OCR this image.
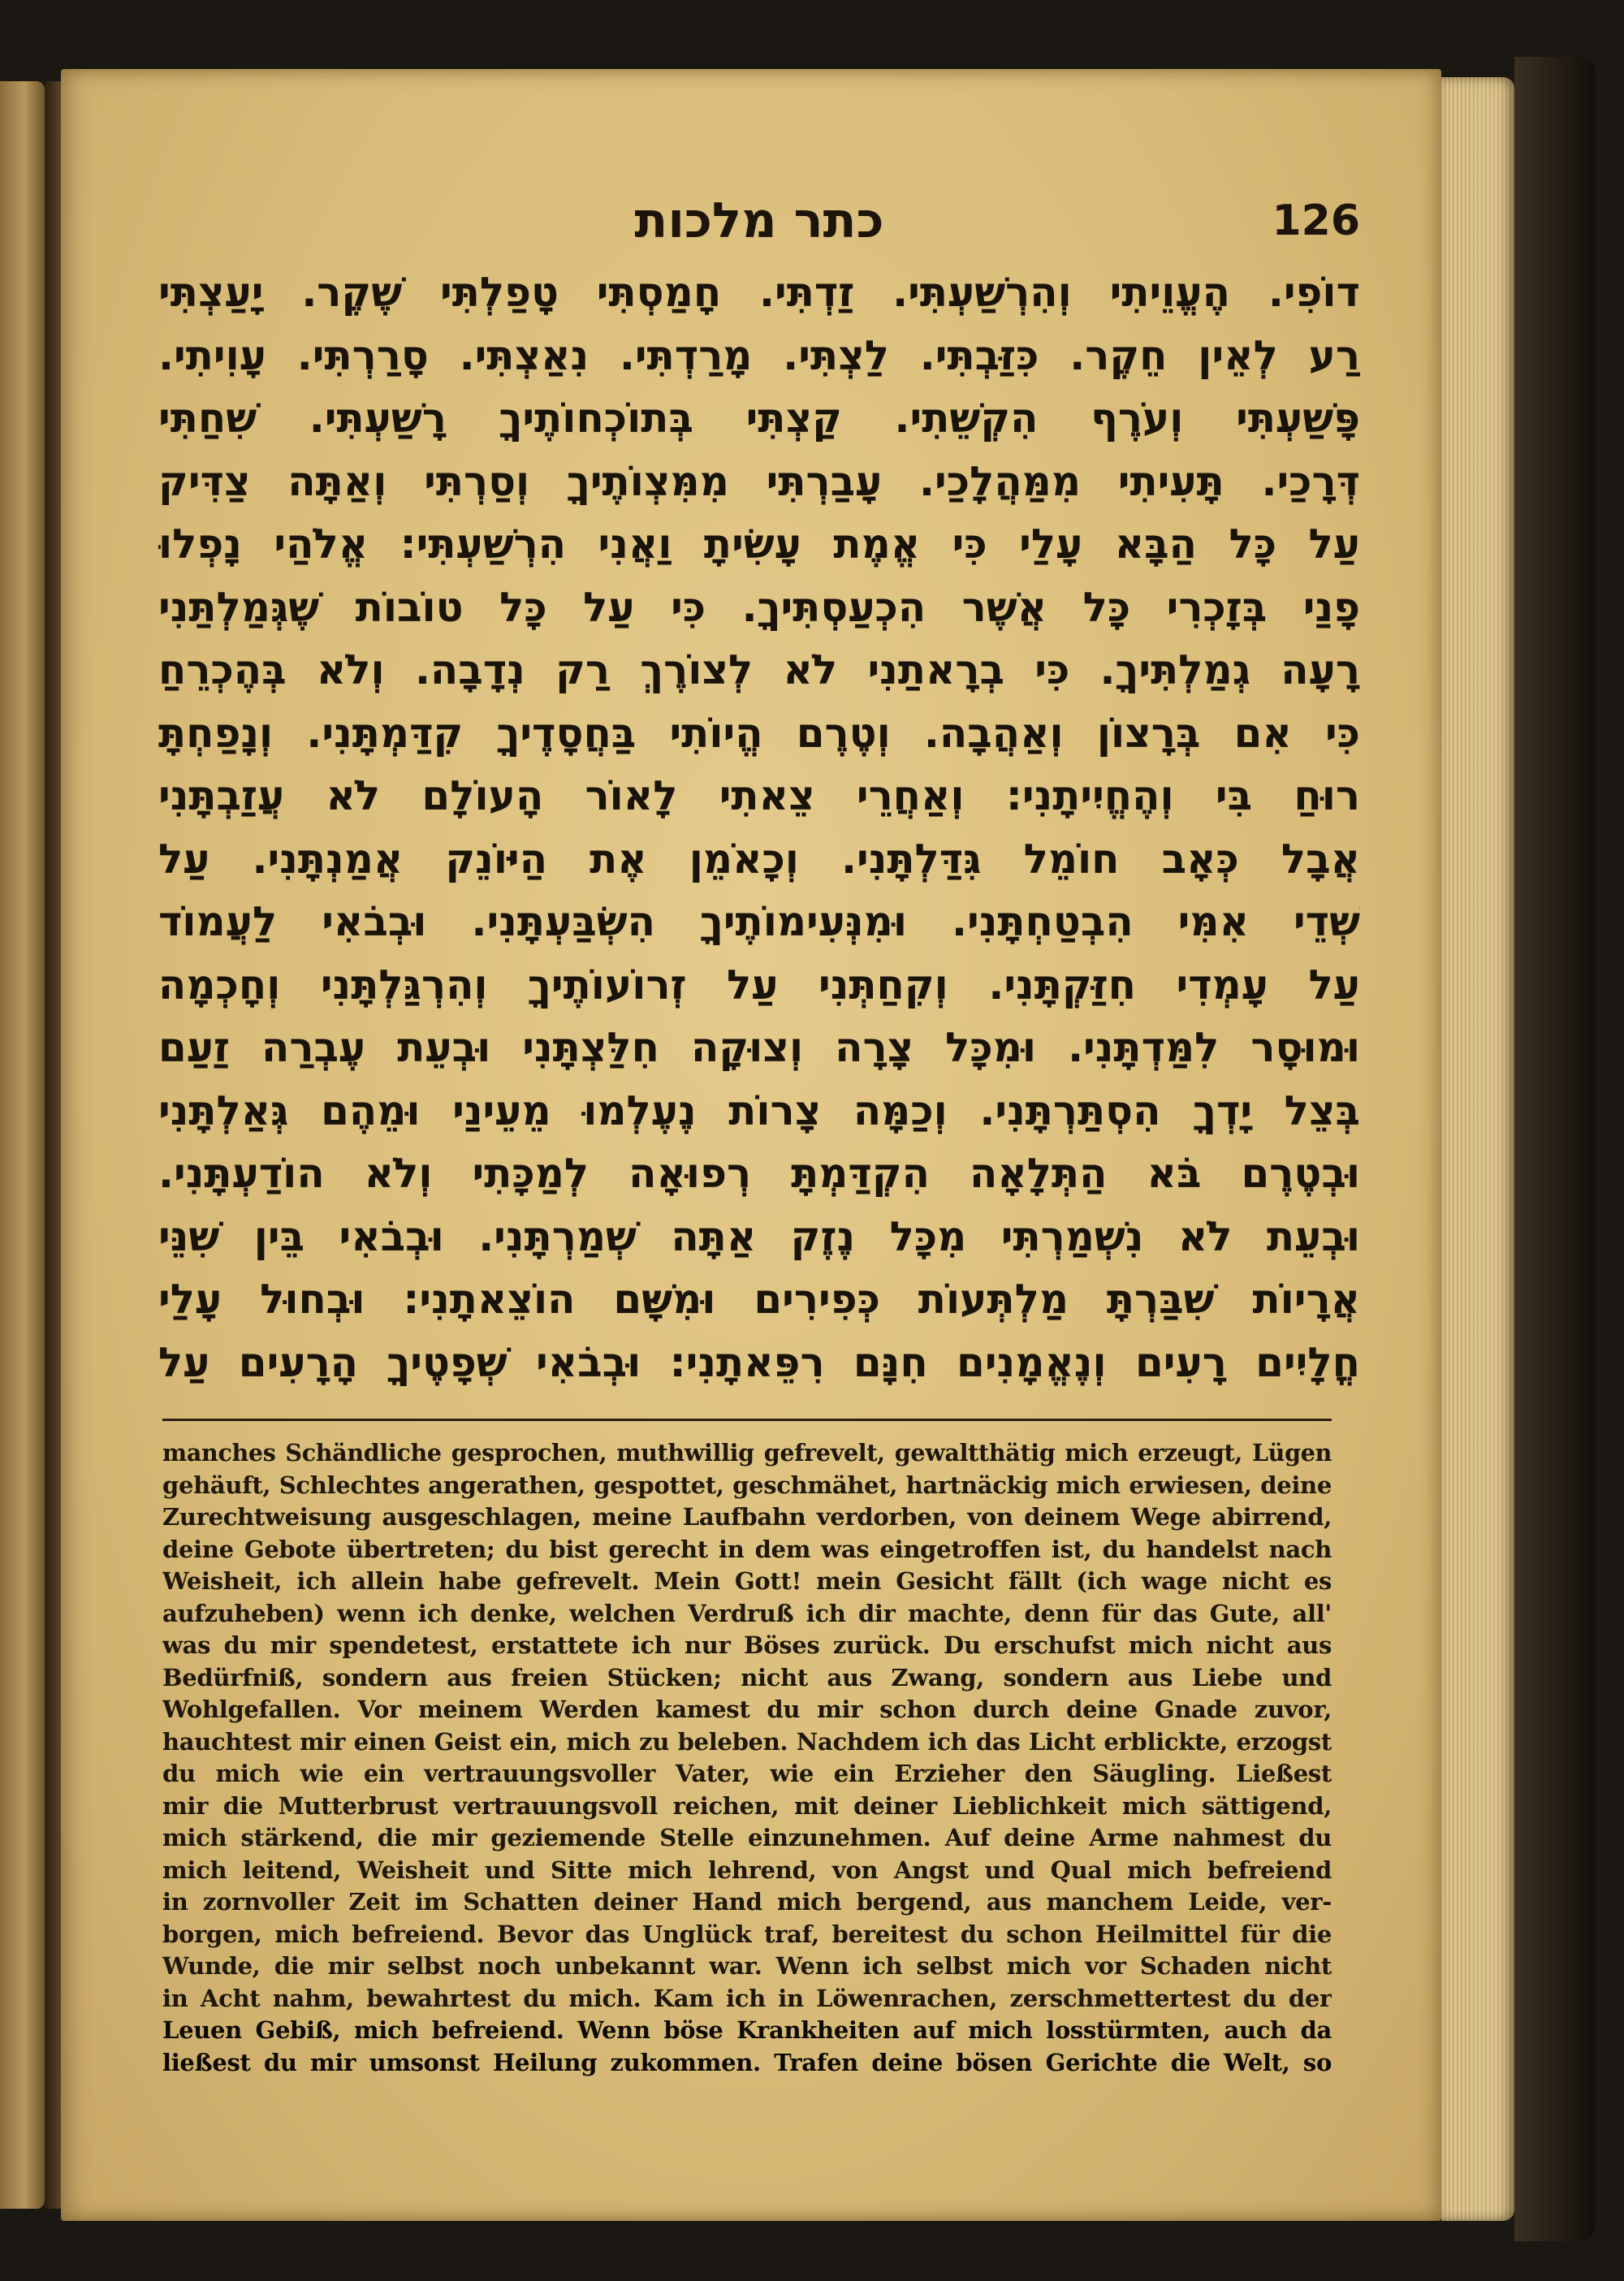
כתר מלכות	126
דוֹפִי. הֶעֱוֵיתִי וְהִרְשַׁעְתִּי. זַדְתִּי. חָמַסְתִּי טָפַלְתִּי שֶׁקֶר. יָעַצְתִּי
רַע לְאֵין חֵקֶר. כִּזַּבְתִּי. לַצְתִּי. מָרַדְתִּי. נִאַצְתִּי. סָרַרְתִּי. עָוִיתִי.
פָּשַׁעְתִּי וְעֹרֶף הִקְשֵׁתִי. קַצְתִּי בְּתוֹכְחוֹתֶיךָ רָשַׁעְתִּי. שִׁחַתִּי
דְּרָכַי. תָּעִיתִי מִמַּהֲלָכַי. עָבַרְתִּי מִמִּצְוֹתֶיךָ וְסַרְתִּי וְאַתָּה צַדִּיק
עַל כָּל הַבָּא עָלַי כִּי אֱמֶת עָשִׂיתָ וַאֲנִי הִרְשַׁעְתִּי: אֱלֹהַי נָפְלוּ
פָנַי בְּזָכְרִי כָּל אֲשֶׁר הִכְעַסְתִּיךָ. כִּי עַל כָּל טוֹבוֹת שֶׁגְּמַלְתַּנִי
רָעָה גְמַלְתִּיךָ. כִּי בְרָאתַנִי לֹא לְצוֹרֶךְ רַק נְדָבָה. וְלֹא בְּהֶכְרֵחַ
כִּי אִם בְּרָצוֹן וְאַהֲבָה. וְטֶרֶם הֱיוֹתִי בַּחֲסָדֶיךָ קִדַּמְתָּנִי. וְנָפַחְתָּ
רוּחַ בִּי וְהֶחֱיִיתָנִי: וְאַחֲרֵי צֵאתִי לָאוֹר הָעוֹלָם לֹא עֲזַבְתָּנִי
אֲבָל כְּאָב חוֹמֵל גִּדַּלְתָּנִי. וְכָאֹמֵן אֶת הַיּוֹנֵק אֲמַנְתָּנִי. עַל
שְׁדֵי אִמִּי הִבְטַחְתָּנִי. וּמִנְּעִימוֹתֶיךָ הִשְׂבַּעְתָּנִי. וּבְבֹאִי לַעֲמוֹד
עַל עָמְדִי חִזַּקְתָּנִי. וְקִחַתְּנִי עַל זְרוֹעוֹתֶיךָ וְהִרְגַּלְתָּנִי וְחָכְמָה
וּמוּסָר לִמַּדְתָּנִי. וּמִכָּל צָרָה וְצוּקָה חִלַּצְתָּנִי וּבְעֵת עֶבְרַה זַעַם
בְּצֵל יָדְךָ הִסְתַּרְתָּנִי. וְכַמָּה צָרוֹת נֶעֶלְמוּ מֵעֵינַי וּמֵהֶם גְּאַלְתָּנִי
וּבְטֶרֶם בֹּא הַתְּלָאָה הִקְדַּמְתָּ רְפוּאָה לְמַכָּתִי וְלֹא הוֹדַעְתָּנִי.
וּבְעֵת לֹא נִשְׁמַרְתִּי מִכָּל נֶזֶק אַתָּה שְׁמַרְתָּנִי. וּבְבֹאִי בֵּין שִׁנֵּי
אֲרָיוֹת שִׁבַּרְתָּ מַלְתְּעוֹת כְּפִירִים וּמִשָּׁם הוֹצֵאתָנִי: וּבְחוּל עָלַי
חֳלָיִים רָעִים וְנֶאֱמָנִים חִנָּם רִפֵּאתָנִי: וּבְבֹאִי שְׁפָטֶיךָ הָרָעִים עַל
manches Schändliche gesprochen, muthwillig gefrevelt, gewaltthätig mich erzeugt, Lügen
gehäuft, Schlechtes angerathen, gespottet, geschmähet, hartnäckig mich erwiesen, deine
Zurechtweisung ausgeschlagen, meine Laufbahn verdorben, von deinem Wege abirrend,
deine Gebote übertreten; du bist gerecht in dem was eingetroffen ist, du handelst nach
Weisheit, ich allein habe gefrevelt. Mein Gott! mein Gesicht fällt (ich wage nicht es
aufzuheben) wenn ich denke, welchen Verdruß ich dir machte, denn für das Gute, all'
was du mir spendetest, erstattete ich nur Böses zurück. Du erschufst mich nicht aus
Bedürfniß, sondern aus freien Stücken; nicht aus Zwang, sondern aus Liebe und
Wohlgefallen. Vor meinem Werden kamest du mir schon durch deine Gnade zuvor,
hauchtest mir einen Geist ein, mich zu beleben. Nachdem ich das Licht erblickte, erzogst
du mich wie ein vertrauungsvoller Vater, wie ein Erzieher den Säugling. Ließest
mir die Mutterbrust vertrauungsvoll reichen, mit deiner Lieblichkeit mich sättigend,
mich stärkend, die mir geziemende Stelle einzunehmen. Auf deine Arme nahmest du
mich leitend, Weisheit und Sitte mich lehrend, von Angst und Qual mich befreiend
in zornvoller Zeit im Schatten deiner Hand mich bergend, aus manchem Leide, ver-
borgen, mich befreiend. Bevor das Unglück traf, bereitest du schon Heilmittel für die
Wunde, die mir selbst noch unbekannt war. Wenn ich selbst mich vor Schaden nicht
in Acht nahm, bewahrtest du mich. Kam ich in Löwenrachen, zerschmettertest du der
Leuen Gebiß, mich befreiend. Wenn böse Krankheiten auf mich losstürmten, auch da
ließest du mir umsonst Heilung zukommen. Trafen deine bösen Gerichte die Welt, so
